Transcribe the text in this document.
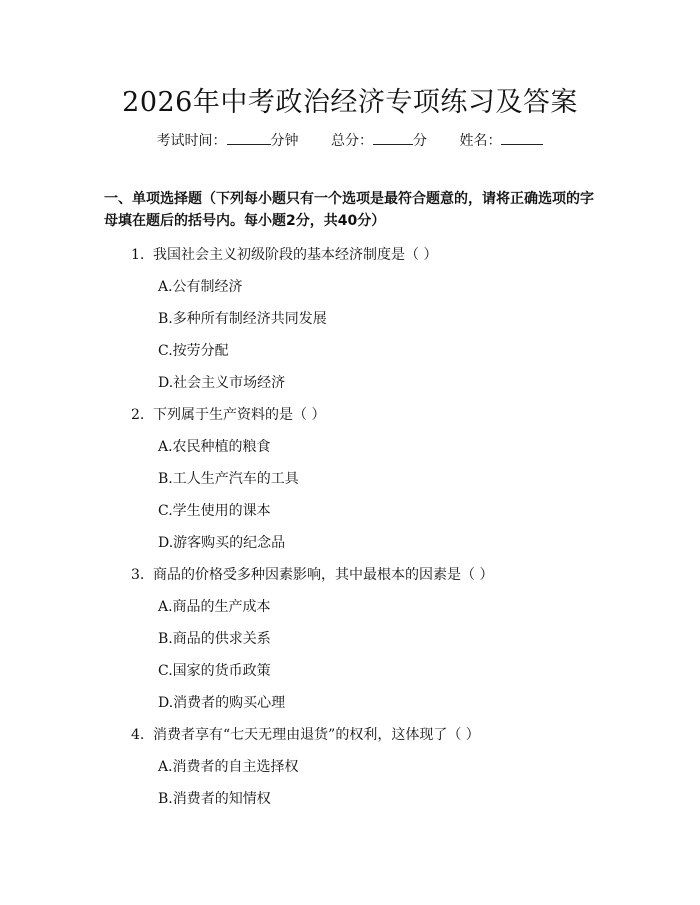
2026年中考政治经济专项练习及答案
考试时间：	分钟 总分：	分 姓名：
一、单项选择题（下列每小题只有一个选项是最符合题意的，请将正确选项的字母填在题后的括号内。每小题2分，共40分）
1. 我国社会主义初级阶段的基本经济制度是（ ）
A.公有制经济
B.多种所有制经济共同发展
C.按劳分配
D.社会主义市场经济
2. 下列属于生产资料的是（ ）
A.农民种植的粮食
B.工人生产汽车的工具
C.学生使用的课本
D.游客购买的纪念品
3. 商品的价格受多种因素影响，其中最根本的因素是（ ）
A.商品的生产成本
B.商品的供求关系
C.国家的货币政策
D.消费者的购买心理
4. 消费者享有“七天无理由退货”的权利，这体现了（ ）
A.消费者的自主选择权
B.消费者的知情权
